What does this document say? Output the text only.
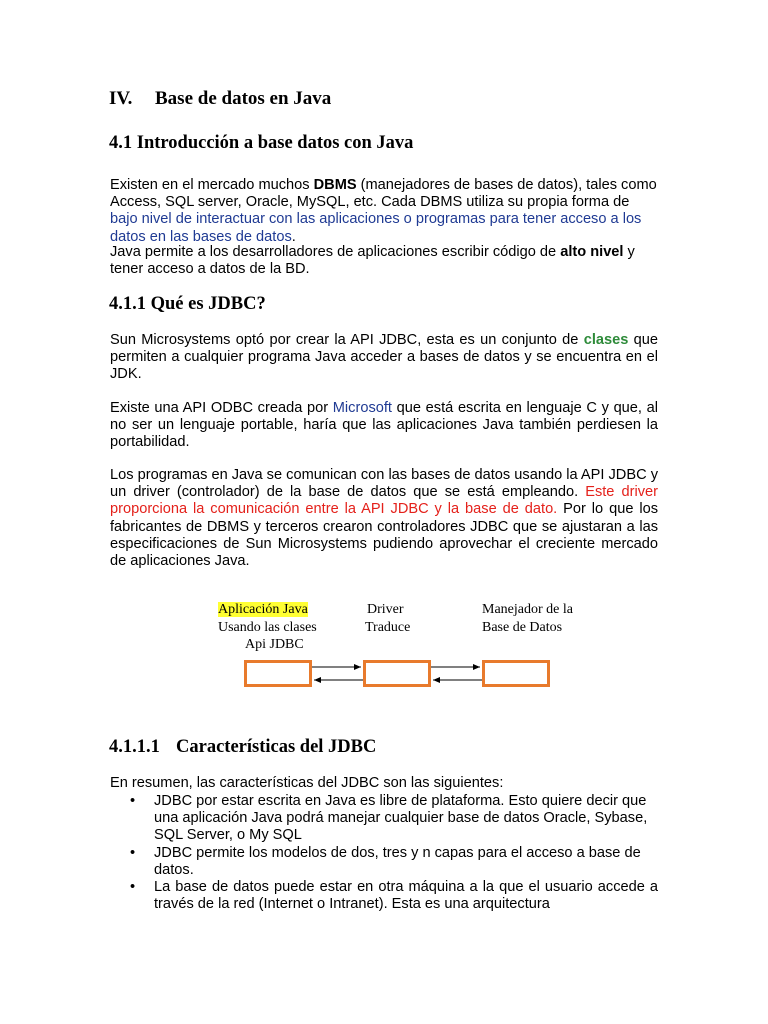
IV. Base de datos en Java
4.1 Introducción a base datos con Java

Existen en el mercado muchos DBMS (manejadores de bases de datos), tales como Access, SQL server, Oracle, MySQL, etc. Cada DBMS utiliza su propia forma de bajo nivel de interactuar con las aplicaciones o programas para tener acceso a los datos en las bases de datos.

Java permite a los desarrolladores de aplicaciones escribir código de alto nivel y tener acceso a datos de la BD.

4.1.1 Qué es JDBC?

Sun Microsystems optó por crear la API JDBC, esta es un conjunto de clases que permiten a cualquier programa Java acceder a bases de datos y se encuentra en el JDK.

Existe una API ODBC creada por Microsoft que está escrita en lenguaje C y que, al no ser un lenguaje portable, haría que las aplicaciones Java también perdiesen la portabilidad.

Los programas en Java se comunican con las bases de datos usando la API JDBC y un driver (controlador) de la base de datos que se está empleando. Este driver proporciona la comunicación entre la API JDBC y la base de dato. Por lo que los fabricantes de DBMS y terceros crearon controladores JDBC que se ajustaran a las especificaciones de Sun Microsystems pudiendo aprovechar el creciente mercado de aplicaciones Java.

Aplicación Java
Usando las clases
Api JDBC
Driver
Traduce
Manejador de la
Base de Datos
4.1.1.1 Características del JDBC

En resumen, las características del JDBC son las siguientes:

• JDBC por estar escrita en Java es libre de plataforma. Esto quiere decir que una aplicación Java podrá manejar cualquier base de datos Oracle, Sybase, SQL Server, o My SQL
• JDBC permite los modelos de dos, tres y n capas para el acceso a base de datos.
• La base de datos puede estar en otra máquina a la que el usuario accede a través de la red (Internet o Intranet). Esta es una arquitectura
